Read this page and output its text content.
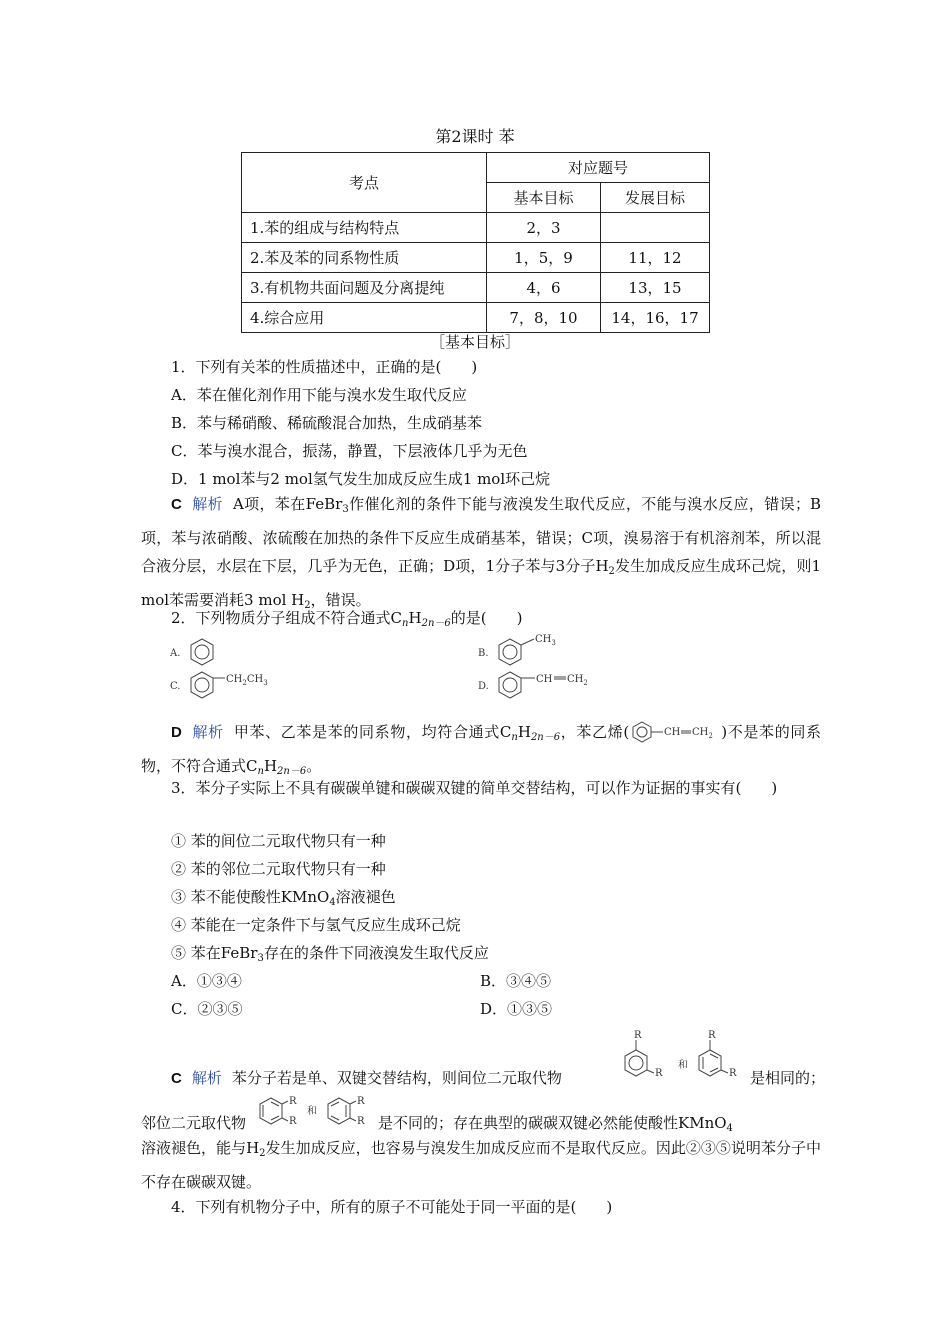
第2课时 苯
考点	对应题号	
	基本目标	发展目标
1.苯的组成与结构特点	2，3	
2.苯及苯的同系物性质	1，5，9	11，12
3.有机物共面问题及分离提纯	4，6	13，15
4.综合应用	7，8，10	14，16，17
［基本目标］
1．下列有关苯的性质描述中，正确的是(　　)
A．苯在催化剂作用下能与溴水发生取代反应
B．苯与稀硝酸、稀硫酸混合加热，生成硝基苯
C．苯与溴水混合，振荡，静置，下层液体几乎为无色
D．1 mol苯与2 mol氢气发生加成反应生成1 mol环己烷
C 解析 A项，苯在FeBr$_3$作催化剂的条件下能与液溴发生取代反应，不能与溴水反应，错误；B项，苯与浓硝酸、浓硫酸在加热的条件下反应生成硝基苯，错误；C项，溴易溶于有机溶剂苯，所以混合液分层，水层在下层，几乎为无色，正确；D项，1分子苯与3分子$H_2$发生加成反应生成环己烷，则1 mol苯需要消耗3 mol $H_2$，错误。
2．下列物质分子组成不符合通式$C_nH_{2n-6}$的是(　　)
A.	B.
$CH_3$
C.
$CH_2CH_3$	D.
CH $CH_2$
D 解析 甲苯、乙苯是苯的同系物，均符合通式$C_nH_{2n-6}$，苯乙烯(	CH $CH_2$ )不是苯的同系物，不符合通式$C_nH_{2n-6}$。
3．苯分子实际上不具有碳碳单键和碳碳双键的简单交替结构，可以作为证据的事实有(　　)
① 苯的间位二元取代物只有一种
② 苯的邻位二元取代物只有一种
③ 苯不能使酸性KMnO$_4$溶液褪色
④ 苯能在一定条件下与氢气反应生成环己烷
⑤ 苯在FeBr$_3$存在的条件下同液溴发生取代反应
A．①③④	B．③④⑤
C．②③⑤	D．①③⑤
C 解析 苯分子若是单、双键交替结构，则间位二元取代物
R
R
和
R
R 是相同的；
邻位二元取代物
R
R
和
R
R 是不同的；存在典型的碳碳双键必然能使酸性KMnO$_4$
溶液褪色，能与$H_2$发生加成反应，也容易与溴发生加成反应而不是取代反应。因此②③⑤说明苯分子中不存在碳碳双键。
4．下列有机物分子中，所有的原子不可能处于同一平面的是(　　)
